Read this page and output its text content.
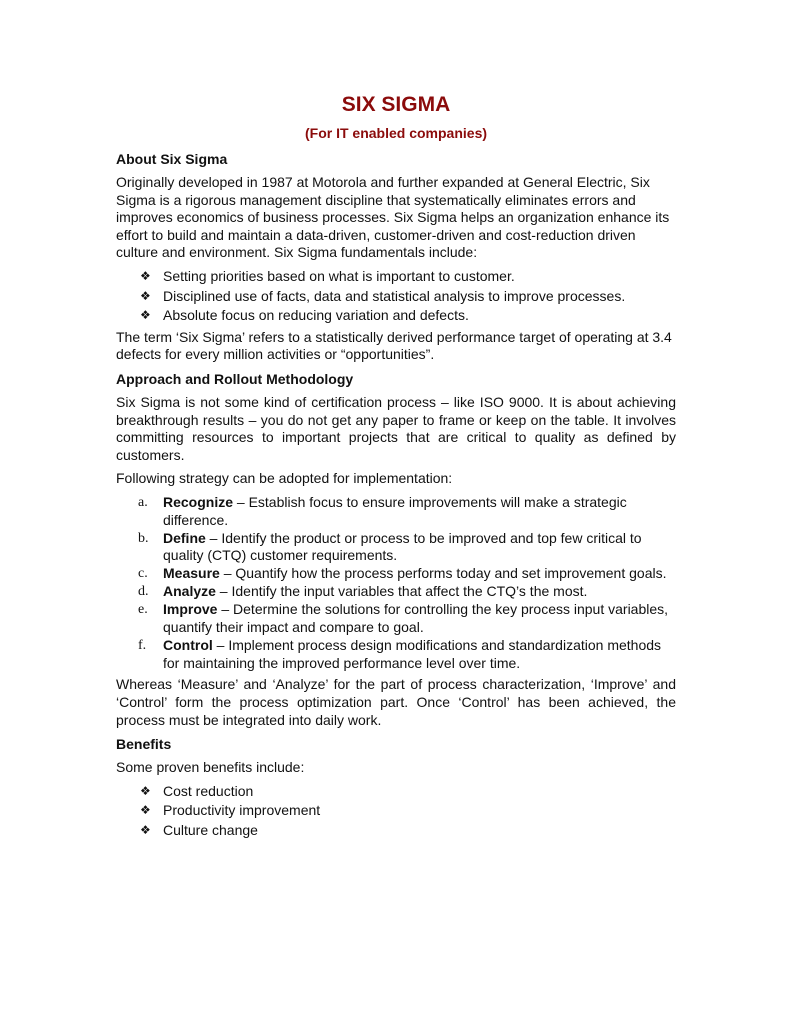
SIX SIGMA
(For IT enabled companies)
About Six Sigma

Originally developed in 1987 at Motorola and further expanded at General Electric, Six Sigma is a rigorous management discipline that systematically eliminates errors and improves economics of business processes. Six Sigma helps an organization enhance its effort to build and maintain a data-driven, customer-driven and cost-reduction driven culture and environment. Six Sigma fundamentals include:

❖ Setting priorities based on what is important to customer.
❖ Disciplined use of facts, data and statistical analysis to improve processes.
❖ Absolute focus on reducing variation and defects.

The term ‘Six Sigma’ refers to a statistically derived performance target of operating at 3.4 defects for every million activities or “opportunities”.

Approach and Rollout Methodology

Six Sigma is not some kind of certification process – like ISO 9000. It is about achieving breakthrough results – you do not get any paper to frame or keep on the table. It involves committing resources to important projects that are critical to quality as defined by customers.

Following strategy can be adopted for implementation:

a. Recognize – Establish focus to ensure improvements will make a strategic difference.
b. Define – Identify the product or process to be improved and top few critical to quality (CTQ) customer requirements.
c. Measure – Quantify how the process performs today and set improvement goals.
d. Analyze – Identify the input variables that affect the CTQ’s the most.
e. Improve – Determine the solutions for controlling the key process input variables, quantify their impact and compare to goal.
f. Control – Implement process design modifications and standardization methods for maintaining the improved performance level over time.

Whereas ‘Measure’ and ‘Analyze’ for the part of process characterization, ‘Improve’ and ‘Control’ form the process optimization part. Once ‘Control’ has been achieved, the process must be integrated into daily work.

Benefits

Some proven benefits include:

❖ Cost reduction
❖ Productivity improvement
❖ Culture change
